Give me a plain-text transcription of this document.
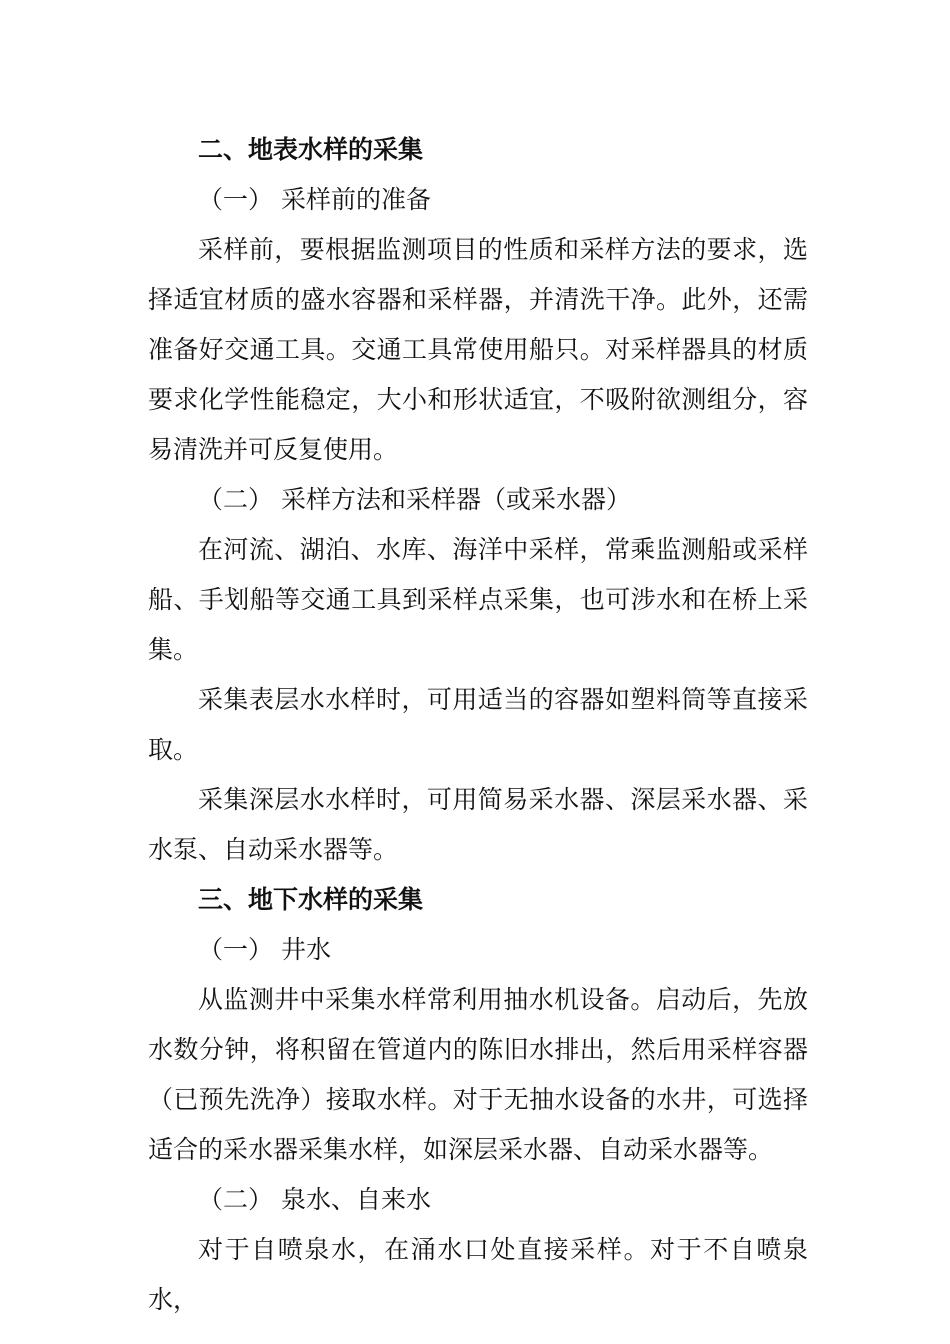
二、地表水样的采集

（一） 采样前的准备

采样前，要根据监测项目的性质和采样方法的要求，选择适宜材质的盛水容器和采样器，并清洗干净。此外，还需准备好交通工具。交通工具常使用船只。对采样器具的材质要求化学性能稳定，大小和形状适宜，不吸附欲测组分，容易清洗并可反复使用。

（二） 采样方法和采样器（或采水器）

在河流、湖泊、水库、海洋中采样，常乘监测船或采样船、手划船等交通工具到采样点采集，也可涉水和在桥上采集。

采集表层水水样时，可用适当的容器如塑料筒等直接采取。

采集深层水水样时，可用简易采水器、深层采水器、采水泵、自动采水器等。

三、地下水样的采集

（一） 井水

从监测井中采集水样常利用抽水机设备。启动后，先放水数分钟，将积留在管道内的陈旧水排出，然后用采样容器（已预先洗净）接取水样。对于无抽水设备的水井，可选择适合的采水器采集水样，如深层采水器、自动采水器等。

（二） 泉水、自来水

对于自喷泉水，在涌水口处直接采样。对于不自喷泉水，
